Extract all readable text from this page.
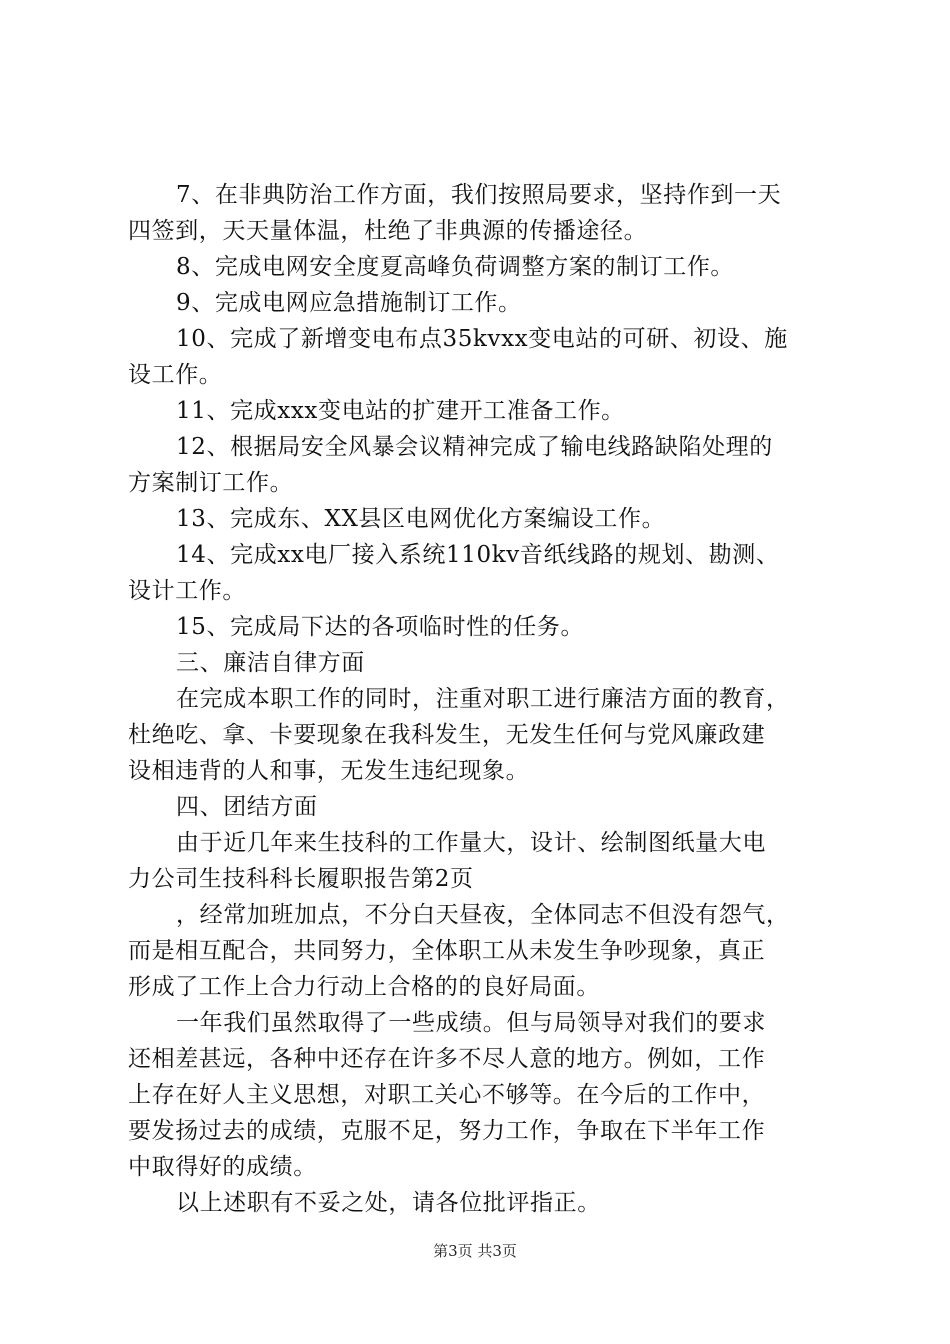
7、在非典防治工作方面，我们按照局要求，坚持作到一天
四签到，天天量体温，杜绝了非典源的传播途径。
8、完成电网安全度夏高峰负荷调整方案的制订工作。
9、完成电网应急措施制订工作。
10、完成了新增变电布点35kvxx变电站的可研、初设、施
设工作。
11、完成xxx变电站的扩建开工准备工作。
12、根据局安全风暴会议精神完成了输电线路缺陷处理的
方案制订工作。
13、完成东、XX县区电网优化方案编设工作。
14、完成xx电厂接入系统110kv音纸线路的规划、勘测、
设计工作。
15、完成局下达的各项临时性的任务。
三、廉洁自律方面
在完成本职工作的同时，注重对职工进行廉洁方面的教育，
杜绝吃、拿、卡要现象在我科发生，无发生任何与党风廉政建
设相违背的人和事，无发生违纪现象。
四、团结方面
由于近几年来生技科的工作量大，设计、绘制图纸量大电
力公司生技科科长履职报告第2页
，经常加班加点，不分白天昼夜，全体同志不但没有怨气，
而是相互配合，共同努力，全体职工从未发生争吵现象，真正
形成了工作上合力行动上合格的的良好局面。
一年我们虽然取得了一些成绩。但与局领导对我们的要求
还相差甚远，各种中还存在许多不尽人意的地方。例如，工作
上存在好人主义思想，对职工关心不够等。在今后的工作中，
要发扬过去的成绩，克服不足，努力工作，争取在下半年工作
中取得好的成绩。
以上述职有不妥之处，请各位批评指正。
第3页 共3页
